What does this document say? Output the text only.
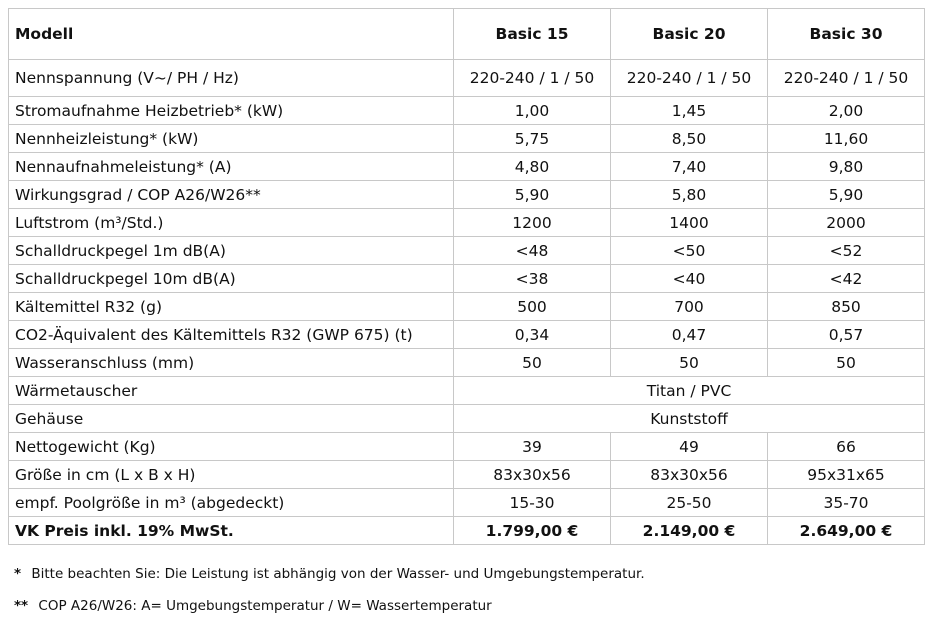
Modell	Basic 15	Basic 20	Basic 30
Nennspannung (V~/ PH / Hz)	220-240 / 1 / 50	220-240 / 1 / 50	220-240 / 1 / 50
Stromaufnahme Heizbetrieb* (kW)	1,00	1,45	2,00
Nennheizleistung* (kW)	5,75	8,50	11,60
Nennaufnahmeleistung* (A)	4,80	7,40	9,80
Wirkungsgrad / COP A26/W26**	5,90	5,80	5,90
Luftstrom (m³/Std.)	1200	1400	2000
Schalldruckpegel 1m dB(A)	<48	<50	<52
Schalldruckpegel 10m dB(A)	<38	<40	<42
Kältemittel R32 (g)	500	700	850
CO2-Äquivalent des Kältemittels R32 (GWP 675) (t)	0,34	0,47	0,57
Wasseranschluss (mm)	50	50	50
Wärmetauscher	Titan / PVC		
Gehäuse	Kunststoff		
Nettogewicht (Kg)	39	49	66
Größe in cm (L x B x H)	83x30x56	83x30x56	95x31x65
empf. Poolgröße in m³ (abgedeckt)	15-30	25-50	35-70
VK Preis inkl. 19% MwSt.	1.799,00 €	2.149,00 €	2.649,00 €
* Bitte beachten Sie: Die Leistung ist abhängig von der Wasser- und Umgebungstemperatur.
** COP A26/W26: A= Umgebungstemperatur / W= Wassertemperatur
